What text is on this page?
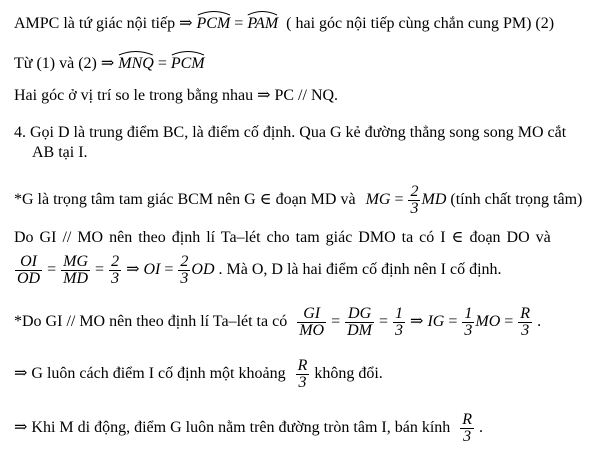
AMPC là tứ giác nội tiếp ⇒ PCM = PAM ( hai góc nội tiếp cùng chắn cung PM) (2)
Từ (1) và (2) ⇒ MNQ = PCM
Hai góc ở vị trí so le trong bằng nhau ⇒ PC // NQ.
4. Gọi D là trung điểm BC, là điểm cố định. Qua G kẻ đường thẳng song song MO cắt
AB tại I.
*G là trọng tâm tam giác BCM nên G ∈ đoạn MD và MG = $\frac{2}{3}$ MD (tính chất trọng tâm)
Do GI // MO nên theo định lí Ta–lét cho tam giác DMO ta có I ∈ đoạn DO và
$\frac{OI}{OD} = \frac{MG}{MD} = \frac{2}{3}$ ⇒ OI = $\frac{2}{3}$ OD . Mà O, D là hai điểm cố định nên I cố định.
*Do GI // MO nên theo định lí Ta–lét ta có $\frac{GI}{MO} = \frac{DG}{DM} = \frac{1}{3}$ ⇒ IG = $\frac{1}{3}$ MO = $\frac{R}{3}$ .
⇒ G luôn cách điểm I cố định một khoảng $\frac{R}{3}$ không đổi.
⇒ Khi M di động, điểm G luôn nằm trên đường tròn tâm I, bán kính $\frac{R}{3}$ .
